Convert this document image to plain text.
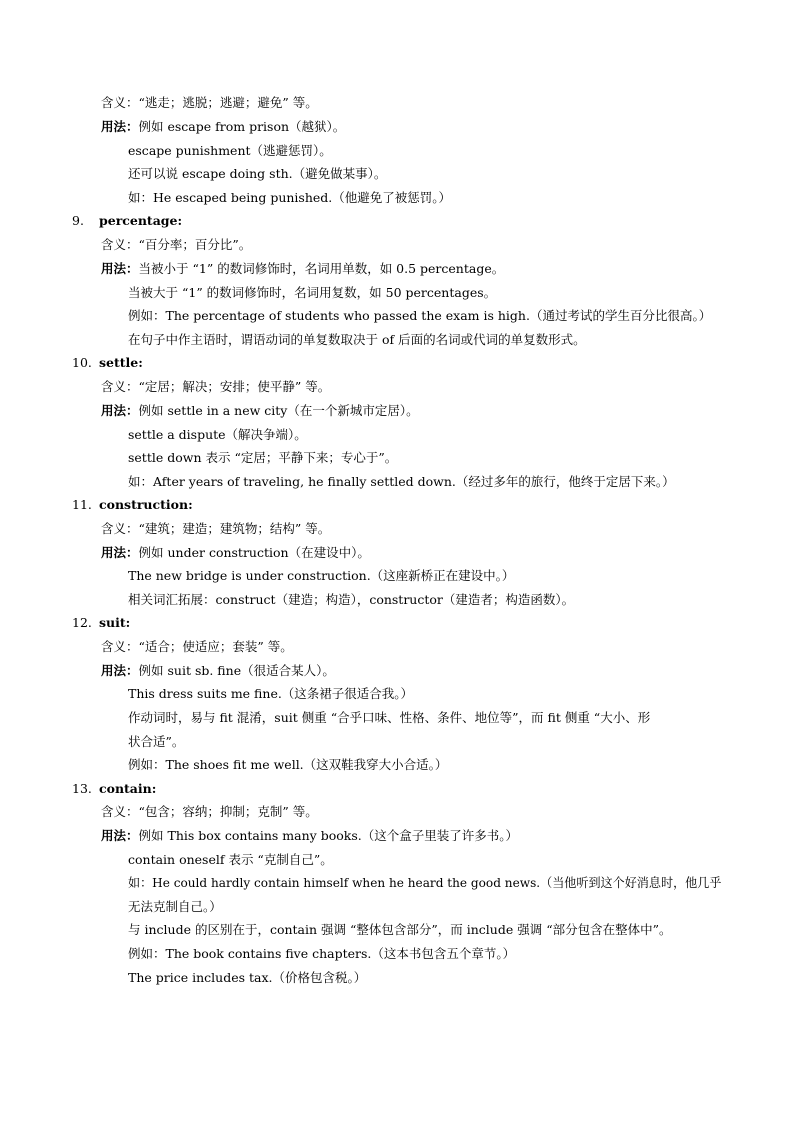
含义：“逃走；逃脱；逃避；避免” 等。
用法：例如 escape from prison（越狱）。
escape punishment（逃避惩罚）。
还可以说 escape doing sth.（避免做某事）。
如：He escaped being punished.（他避免了被惩罚。）
9. percentage:
含义：“百分率；百分比”。
用法：当被小于 “1” 的数词修饰时，名词用单数，如 0.5 percentage。
当被大于 “1” 的数词修饰时，名词用复数，如 50 percentages。
例如：The percentage of students who passed the exam is high.（通过考试的学生百分比很高。）
在句子中作主语时，谓语动词的单复数取决于 of 后面的名词或代词的单复数形式。
10. settle:
含义：“定居；解决；安排；使平静” 等。
用法：例如 settle in a new city（在一个新城市定居）。
settle a dispute（解决争端）。
settle down 表示 “定居；平静下来；专心于”。
如：After years of traveling, he finally settled down.（经过多年的旅行，他终于定居下来。）
11. construction:
含义：“建筑；建造；建筑物；结构” 等。
用法：例如 under construction（在建设中）。
The new bridge is under construction.（这座新桥正在建设中。）
相关词汇拓展：construct（建造；构造），constructor（建造者；构造函数）。
12. suit:
含义：“适合；使适应；套装” 等。
用法：例如 suit sb. fine（很适合某人）。
This dress suits me fine.（这条裙子很适合我。）
作动词时，易与 fit 混淆，suit 侧重 “合乎口味、性格、条件、地位等”，而 fit 侧重 “大小、形
状合适”。
例如：The shoes fit me well.（这双鞋我穿大小合适。）
13. contain:
含义：“包含；容纳；抑制；克制” 等。
用法：例如 This box contains many books.（这个盒子里装了许多书。）
contain oneself 表示 “克制自己”。
如：He could hardly contain himself when he heard the good news.（当他听到这个好消息时，他几乎
无法克制自己。）
与 include 的区别在于，contain 强调 “整体包含部分”，而 include 强调 “部分包含在整体中”。
例如：The book contains five chapters.（这本书包含五个章节。）
The price includes tax.（价格包含税。）
